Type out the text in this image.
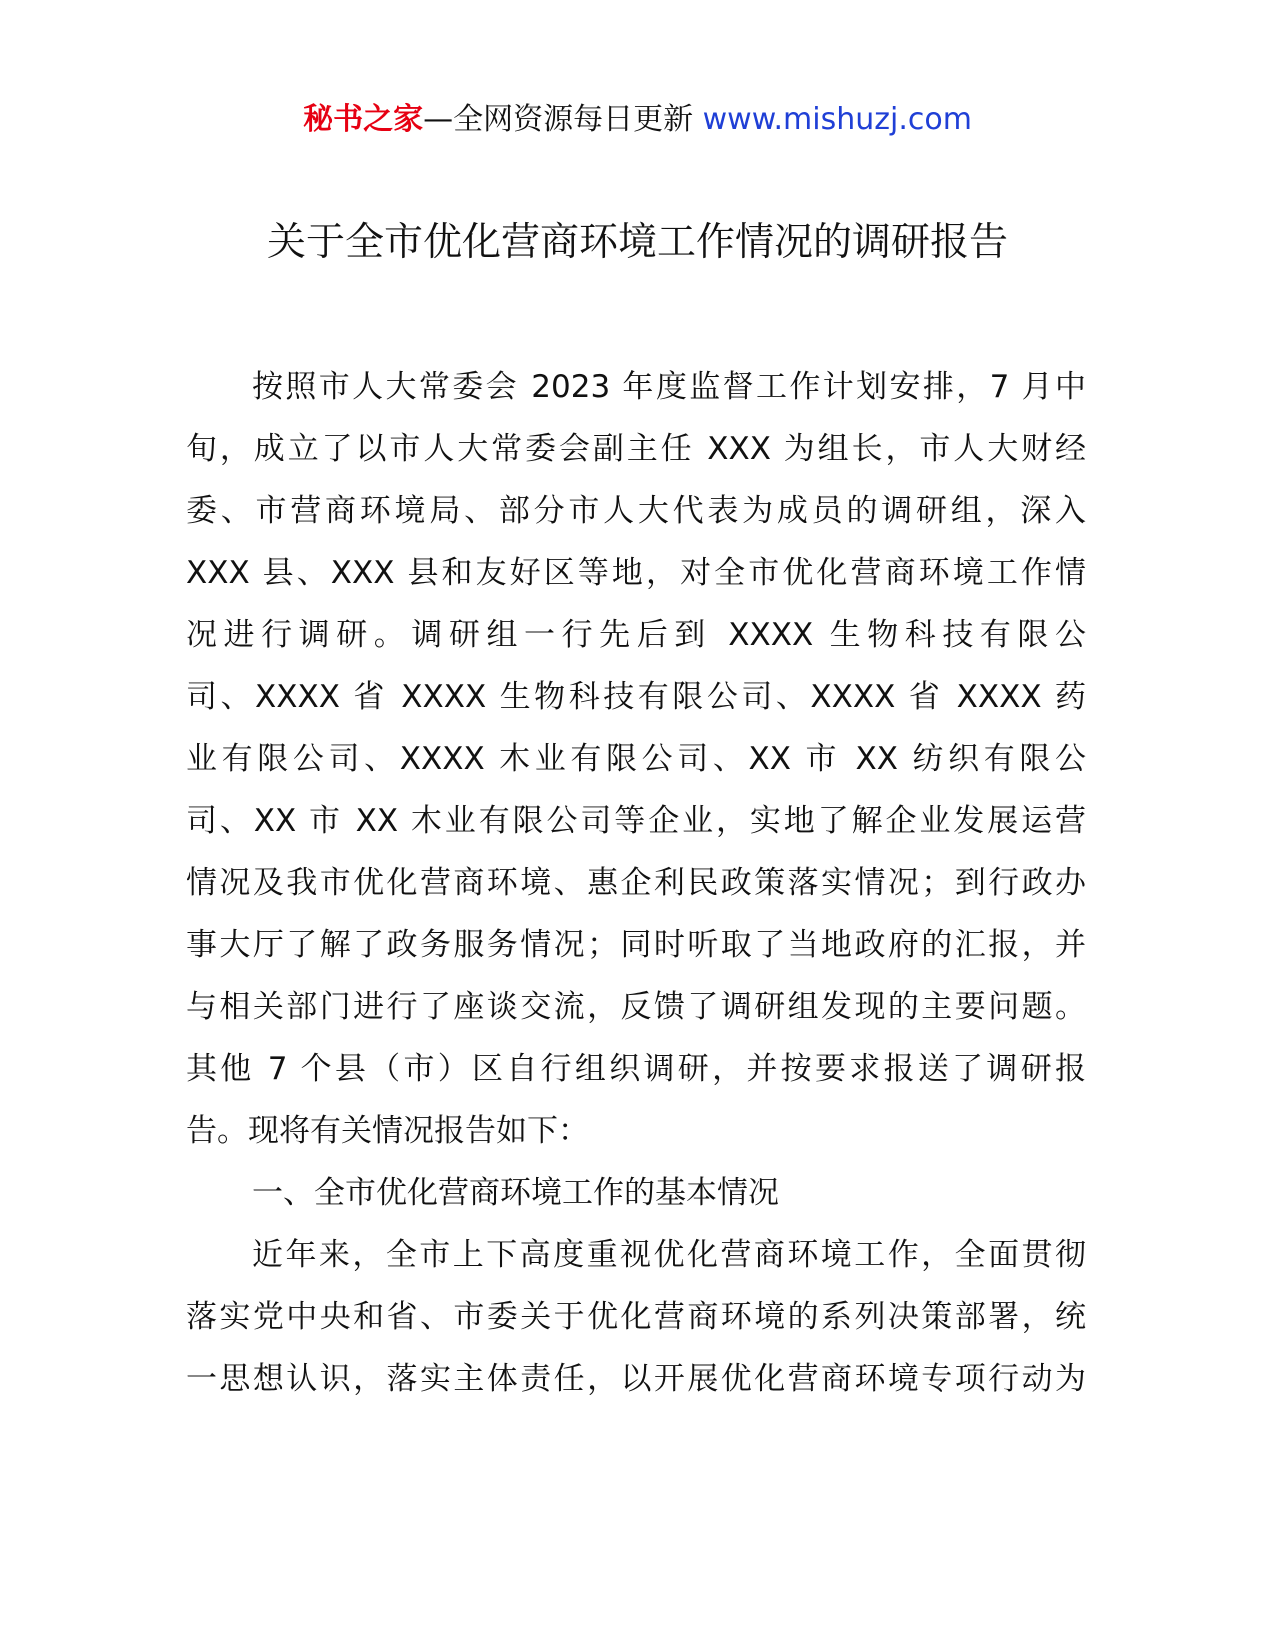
秘书之家—全网资源每日更新 www.mishuzj.com
关于全市优化营商环境工作情况的调研报告
按照市人大常委会 2023 年度监督工作计划安排，7 月中
旬，成立了以市人大常委会副主任 XXX 为组长，市人大财经
委、市营商环境局、部分市人大代表为成员的调研组，深入
XXX 县、XXX 县和友好区等地，对全市优化营商环境工作情
况进行调研。调研组一行先后到 XXXX 生物科技有限公
司、XXXX 省 XXXX 生物科技有限公司、XXXX 省 XXXX 药
业有限公司、XXXX 木业有限公司、XX 市 XX 纺织有限公
司、XX 市 XX 木业有限公司等企业，实地了解企业发展运营
情况及我市优化营商环境、惠企利民政策落实情况；到行政办
事大厅了解了政务服务情况；同时听取了当地政府的汇报，并
与相关部门进行了座谈交流，反馈了调研组发现的主要问题。
其他 7 个县（市）区自行组织调研，并按要求报送了调研报
告。现将有关情况报告如下：
一、全市优化营商环境工作的基本情况
近年来，全市上下高度重视优化营商环境工作，全面贯彻
落实党中央和省、市委关于优化营商环境的系列决策部署，统
一思想认识，落实主体责任，以开展优化营商环境专项行动为
